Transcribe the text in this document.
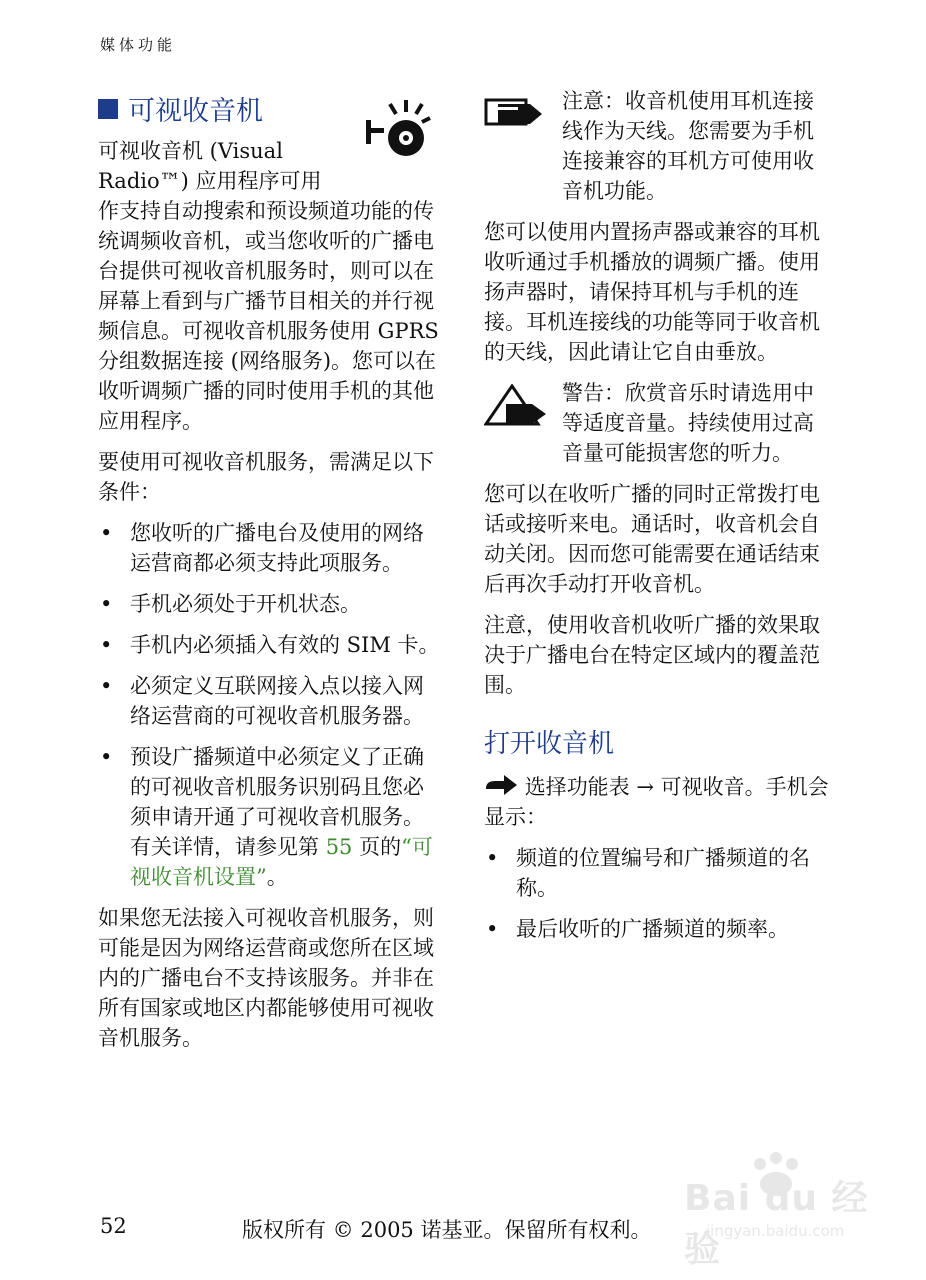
媒体功能
可视收音机
可视收音机 (Visual
Radio™) 应用程序可用

作支持自动搜索和预设频道功能的传统调频收音机，或当您收听的广播电台提供可视收音机服务时，则可以在屏幕上看到与广播节目相关的并行视频信息。可视收音机服务使用 GPRS 分组数据连接 (网络服务)。您可以在收听调频广播的同时使用手机的其他应用程序。

要使用可视收音机服务，需满足以下条件：

• 您收听的广播电台及使用的网络运营商都必须支持此项服务。
• 手机必须处于开机状态。
• 手机内必须插入有效的 SIM 卡。
• 必须定义互联网接入点以接入网络运营商的可视收音机服务器。
• 预设广播频道中必须定义了正确的可视收音机服务识别码且您必须申请开通了可视收音机服务。有关详情，请参见第 55 页的“可视收音机设置”。

如果您无法接入可视收音机服务，则可能是因为网络运营商或您所在区域内的广播电台不支持该服务。并非在所有国家或地区内都能够使用可视收音机服务。

注意：收音机使用耳机连接线作为天线。您需要为手机连接兼容的耳机方可使用收音机功能。

您可以使用内置扬声器或兼容的耳机收听通过手机播放的调频广播。使用扬声器时，请保持耳机与手机的连接。耳机连接线的功能等同于收音机的天线，因此请让它自由垂放。

警告：欣赏音乐时请选用中等适度音量。持续使用过高音量可能损害您的听力。

您可以在收听广播的同时正常拨打电话或接听来电。通话时，收音机会自动关闭。因而您可能需要在通话结束后再次手动打开收音机。

注意，使用收音机收听广播的效果取决于广播电台在特定区域内的覆盖范围。

打开收音机

选择功能表 → 可视收音。手机会显示：

• 频道的位置编号和广播频道的名称。
• 最后收听的广播频道的频率。
52	版权所有 © 2005 诺基亚。保留所有权利。
Bai du 经验
jingyan.baidu.com
